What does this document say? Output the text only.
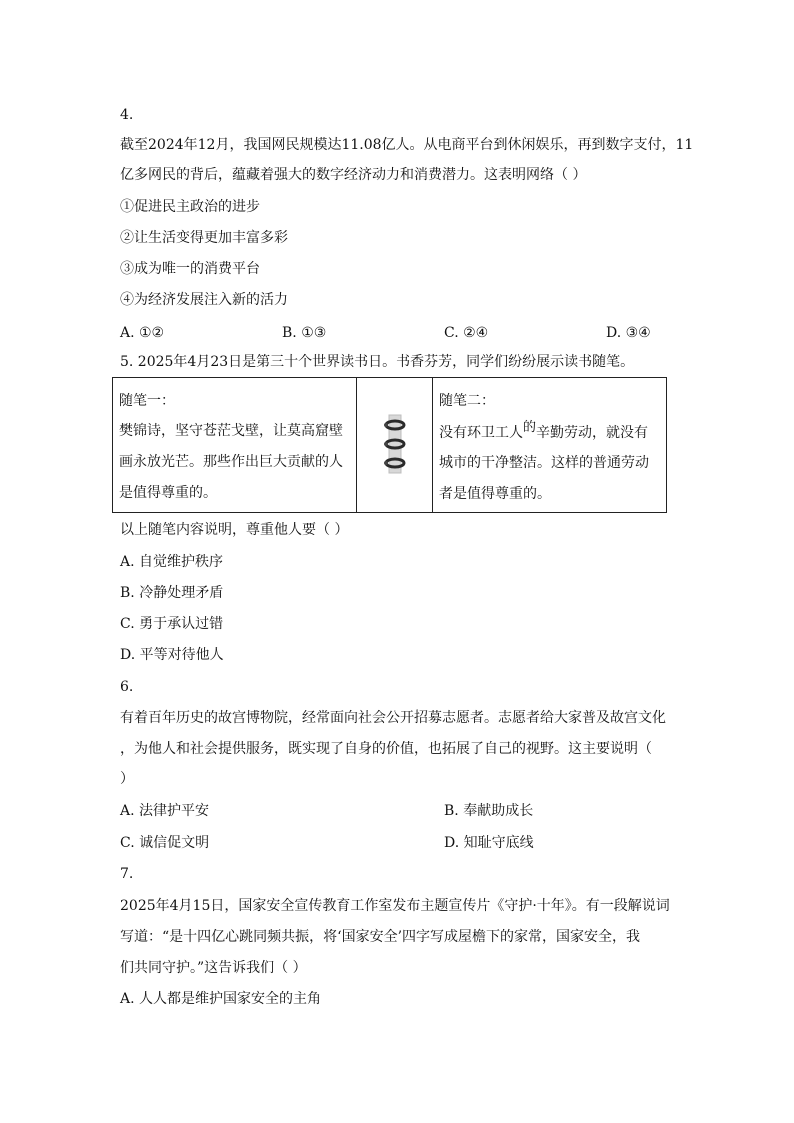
4.
截至2024年12月，我国网民规模达11.08亿人。从电商平台到休闲娱乐，再到数字支付，11
亿多网民的背后，蕴藏着强大的数字经济动力和消费潜力。这表明网络（ ）
①促进民主政治的进步
②让生活变得更加丰富多彩
③成为唯一的消费平台
④为经济发展注入新的活力
A. ①②	B. ①③	C. ②④	D. ③④
5. 2025年4月23日是第三十个世界读书日。书香芬芳，同学们纷纷展示读书随笔。
随笔一：
樊锦诗，坚守苍茫戈壁，让莫高窟壁
画永放光芒。那些作出巨大贡献的人
是值得尊重的。
随笔二：
没有环卫工人的辛勤劳动，就没有
城市的干净整洁。这样的普通劳动
者是值得尊重的。
以上随笔内容说明，尊重他人要（ ）
A. 自觉维护秩序
B. 冷静处理矛盾
C. 勇于承认过错
D. 平等对待他人
6.
有着百年历史的故宫博物院，经常面向社会公开招募志愿者。志愿者给大家普及故宫文化
，为他人和社会提供服务，既实现了自身的价值，也拓展了自己的视野。这主要说明（
）
A. 法律护平安	B. 奉献助成长
C. 诚信促文明	D. 知耻守底线
7.
2025年4月15日，国家安全宣传教育工作室发布主题宣传片《守护·十年》。有一段解说词
写道：“是十四亿心跳同频共振，将‘国家安全’四字写成屋檐下的家常，国家安全，我
们共同守护。”这告诉我们（ ）
A. 人人都是维护国家安全的主角
